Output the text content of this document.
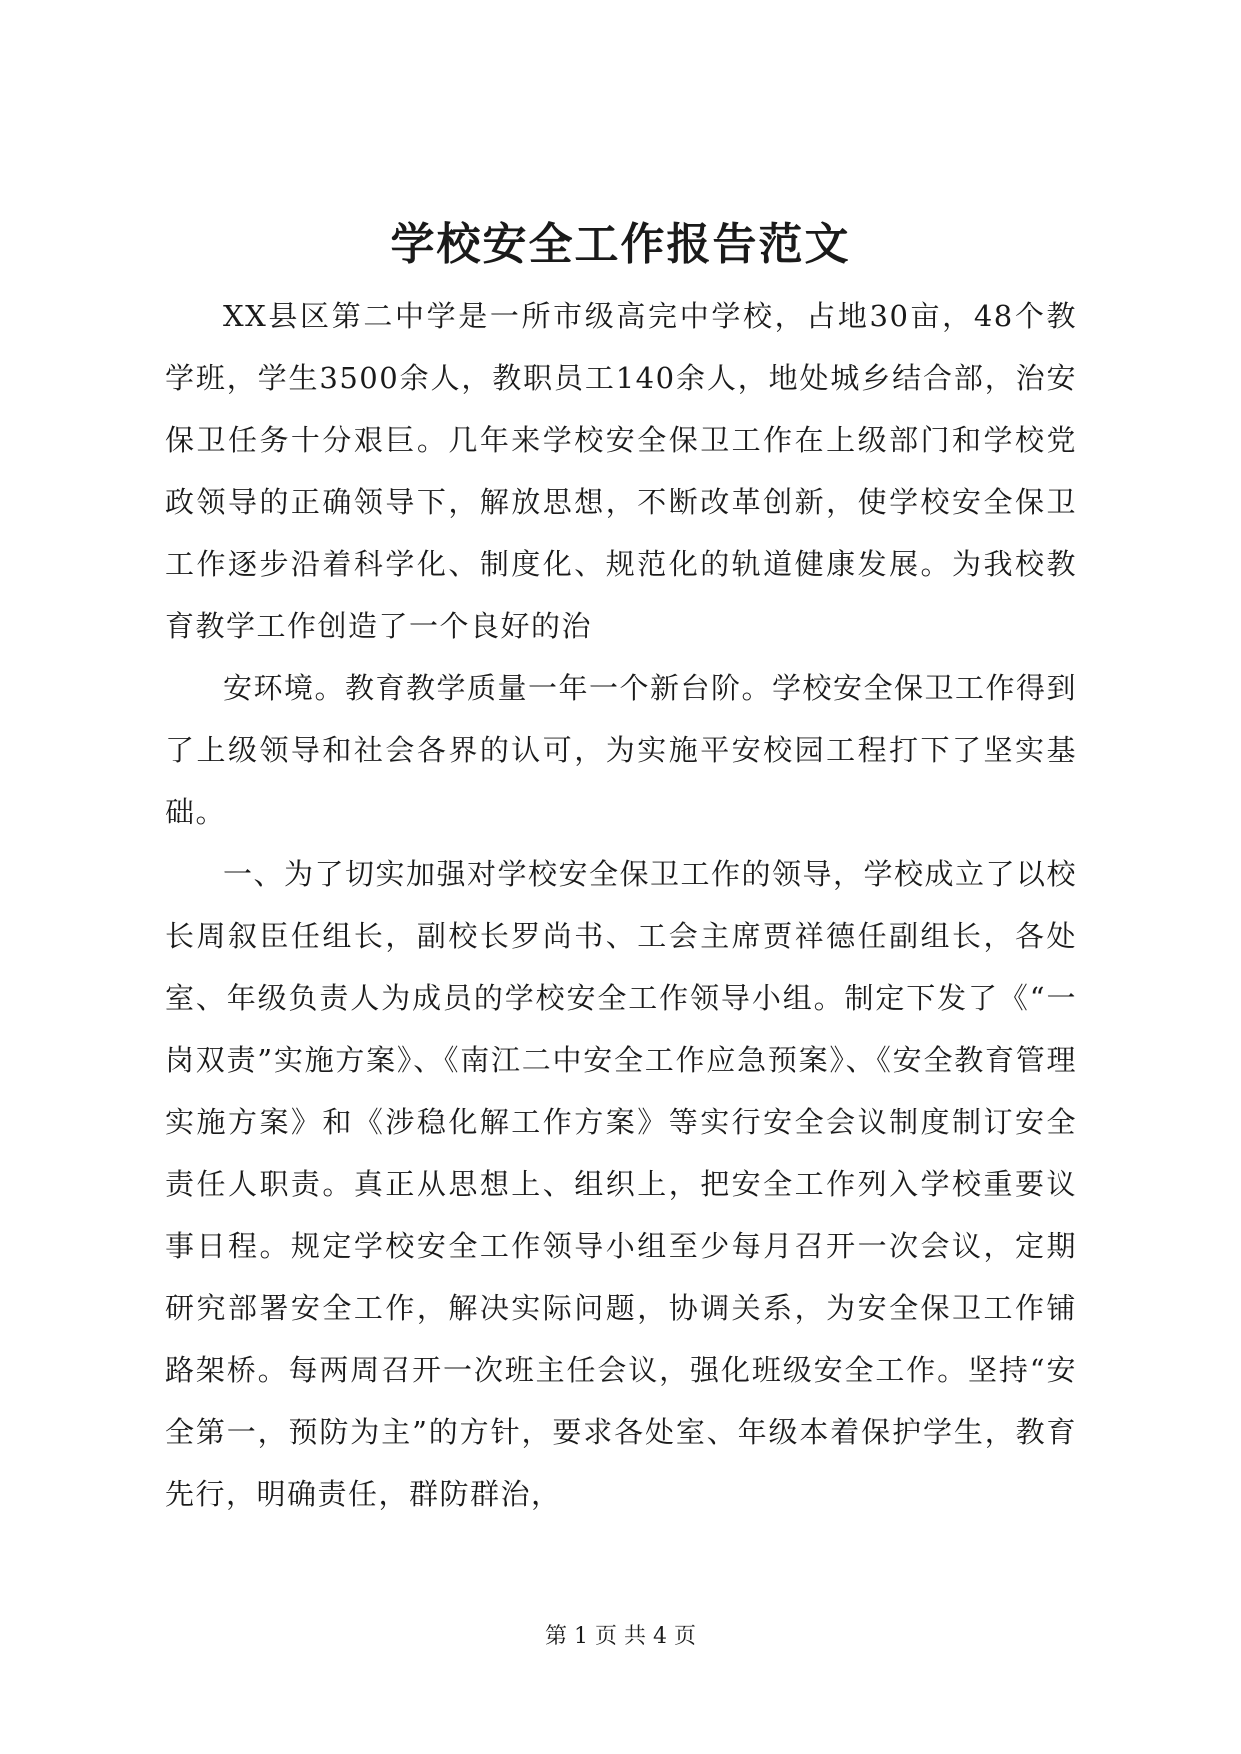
学校安全工作报告范文

XX县区第二中学是一所市级高完中学校，占地30亩，48个教学班，学生3500余人，教职员工140余人，地处城乡结合部，治安保卫任务十分艰巨。几年来学校安全保卫工作在上级部门和学校党政领导的正确领导下，解放思想，不断改革创新，使学校安全保卫工作逐步沿着科学化、制度化、规范化的轨道健康发展。为我校教育教学工作创造了一个良好的治

安环境。教育教学质量一年一个新台阶。学校安全保卫工作得到了上级领导和社会各界的认可，为实施平安校园工程打下了坚实基础。

一、为了切实加强对学校安全保卫工作的领导，学校成立了以校长周叙臣任组长，副校长罗尚书、工会主席贾祥德任副组长，各处室、年级负责人为成员的学校安全工作领导小组。制定下发了《“一岗双责”实施方案》、《南江二中安全工作应急预案》、《安全教育管理实施方案》和《涉稳化解工作方案》等实行安全会议制度制订安全责任人职责。真正从思想上、组织上，把安全工作列入学校重要议事日程。规定学校安全工作领导小组至少每月召开一次会议，定期研究部署安全工作，解决实际问题，协调关系，为安全保卫工作铺路架桥。每两周召开一次班主任会议，强化班级安全工作。坚持“安全第一，预防为主”的方针，要求各处室、年级本着保护学生，教育先行，明确责任，群防群治，

第 1 页 共 4 页
